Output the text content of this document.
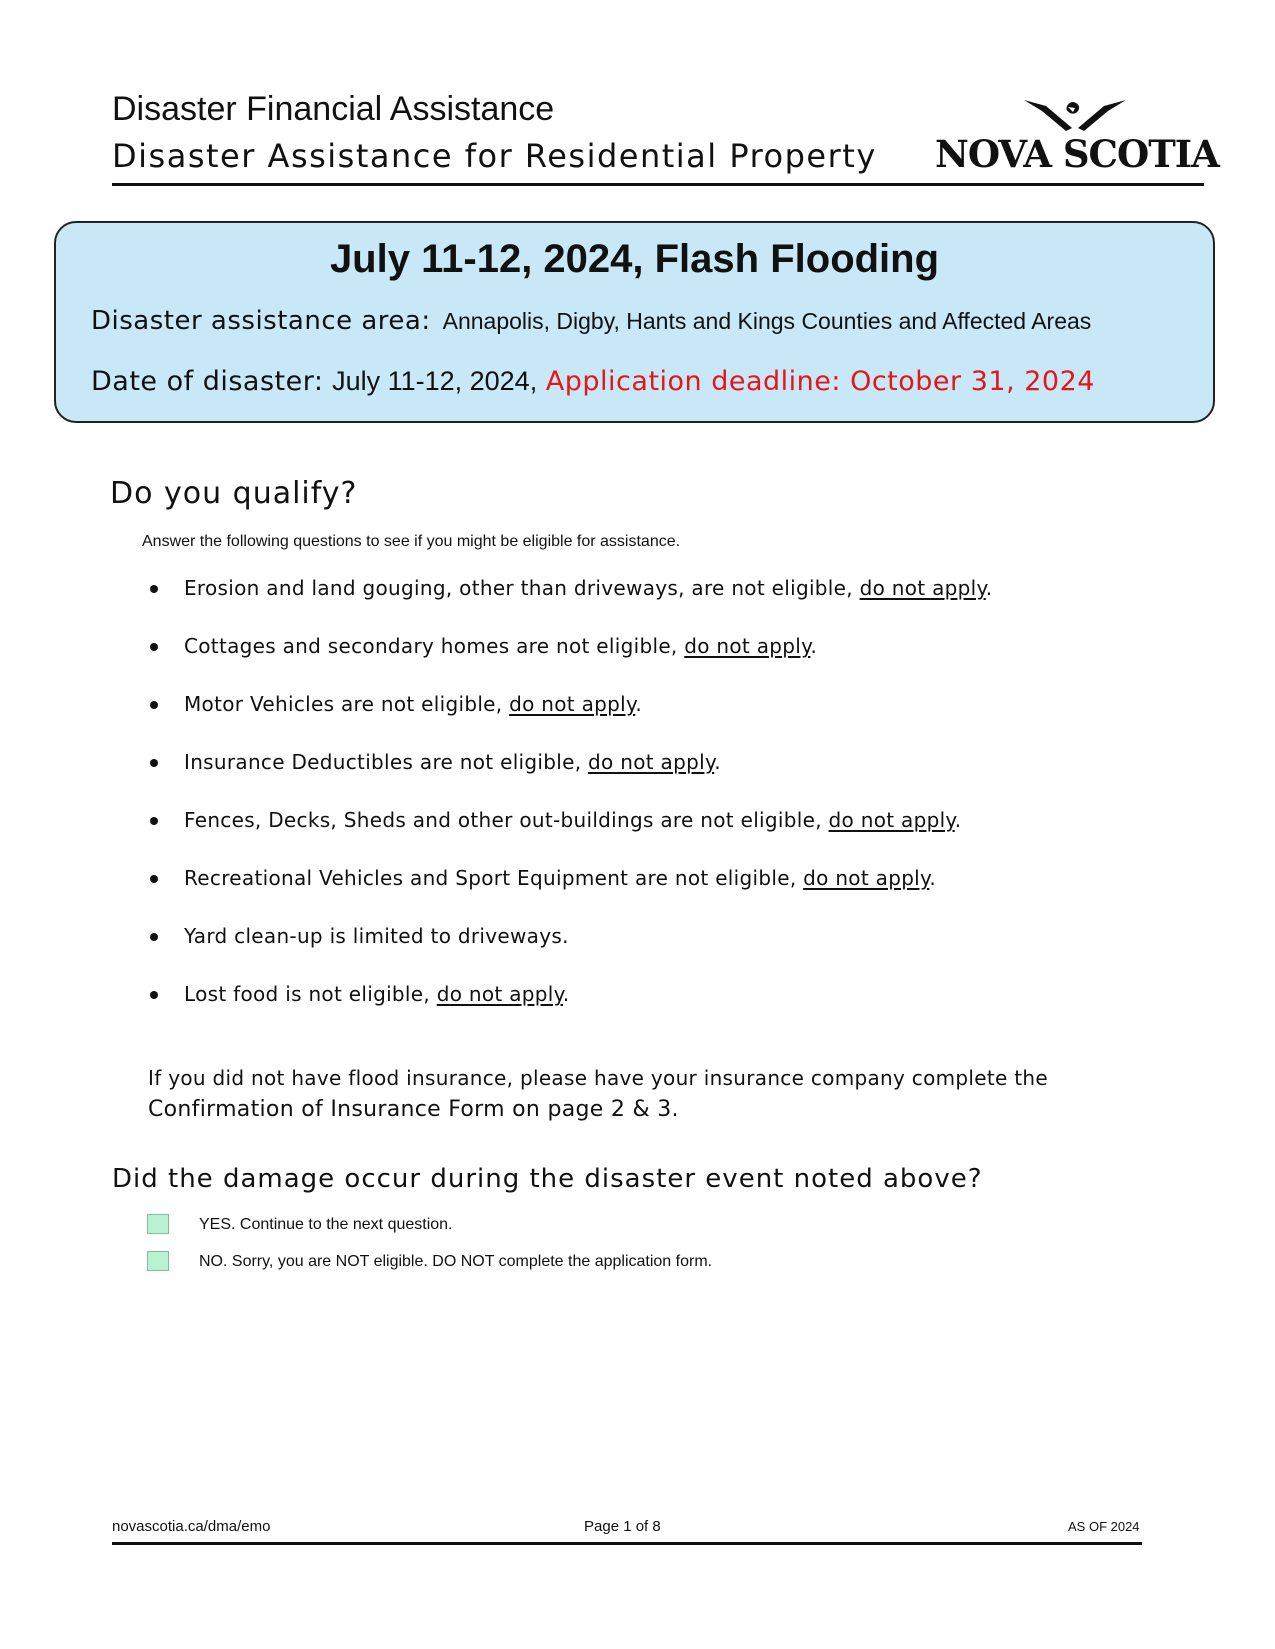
Disaster Financial Assistance
Disaster Assistance for Residential Property NOVA SCOTIA
July 11-12, 2024, Flash Flooding
Disaster assistance area: Annapolis, Digby, Hants and Kings Counties and Affected Areas
Date of disaster: July 11-12, 2024, Application deadline: October 31, 2024
Do you qualify?
Answer the following questions to see if you might be eligible for assistance.
Erosion and land gouging, other than driveways, are not eligible, do not apply.
Cottages and secondary homes are not eligible, do not apply.
Motor Vehicles are not eligible, do not apply.
Insurance Deductibles are not eligible, do not apply.
Fences, Decks, Sheds and other out-buildings are not eligible, do not apply.
Recreational Vehicles and Sport Equipment are not eligible, do not apply.
Yard clean-up is limited to driveways.
Lost food is not eligible, do not apply.
If you did not have flood insurance, please have your insurance company complete the
Confirmation of Insurance Form on page 2 & 3.
Did the damage occur during the disaster event noted above?
YES. Continue to the next question.
NO. Sorry, you are NOT eligible. DO NOT complete the application form.
novascotia.ca/dma/emo	Page 1 of 8	AS OF 2024
